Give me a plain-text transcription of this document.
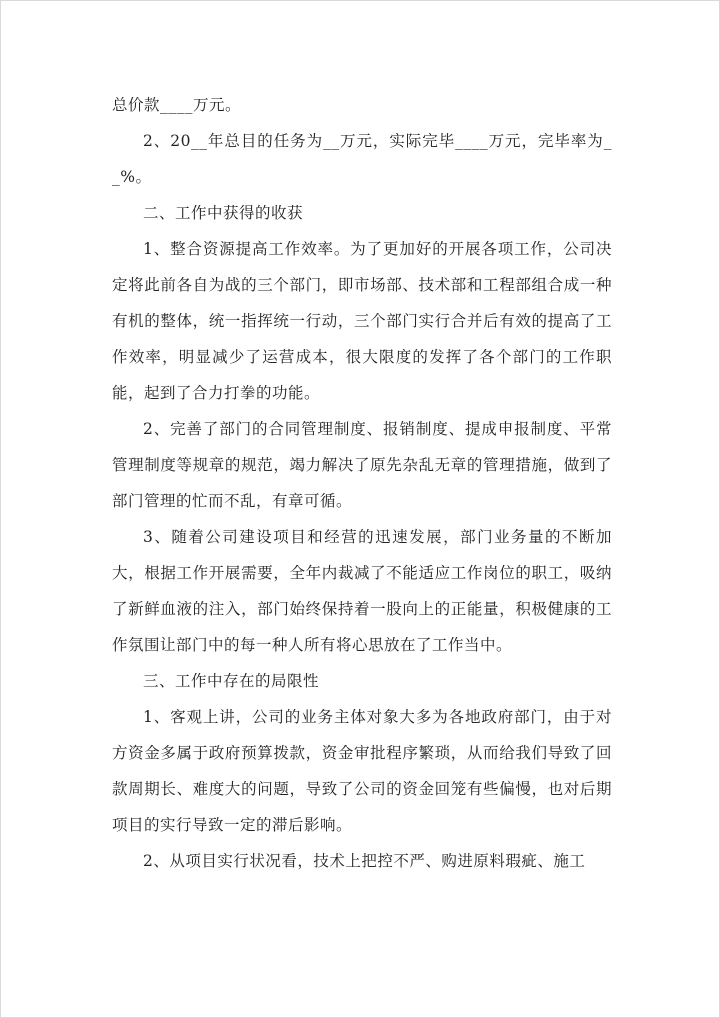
总价款____万元。

2、20__年总目的任务为__万元，实际完毕____万元，完毕率为__%。

二、工作中获得的收获

1、整合资源提高工作效率。为了更加好的开展各项工作，公司决定将此前各自为战的三个部门，即市场部、技术部和工程部组合成一种有机的整体，统一指挥统一行动，三个部门实行合并后有效的提高了工作效率，明显减少了运营成本，很大限度的发挥了各个部门的工作职能，起到了合力打拳的功能。

2、完善了部门的合同管理制度、报销制度、提成申报制度、平常管理制度等规章的规范，竭力解决了原先杂乱无章的管理措施，做到了部门管理的忙而不乱，有章可循。

3、随着公司建设项目和经营的迅速发展，部门业务量的不断加大，根据工作开展需要，全年内裁减了不能适应工作岗位的职工，吸纳了新鲜血液的注入，部门始终保持着一股向上的正能量，积极健康的工作氛围让部门中的每一种人所有将心思放在了工作当中。

三、工作中存在的局限性

1、客观上讲，公司的业务主体对象大多为各地政府部门，由于对方资金多属于政府预算拨款，资金审批程序繁琐，从而给我们导致了回款周期长、难度大的问题，导致了公司的资金回笼有些偏慢，也对后期项目的实行导致一定的滞后影响。

2、从项目实行状况看，技术上把控不严、购进原料瑕疵、施工
